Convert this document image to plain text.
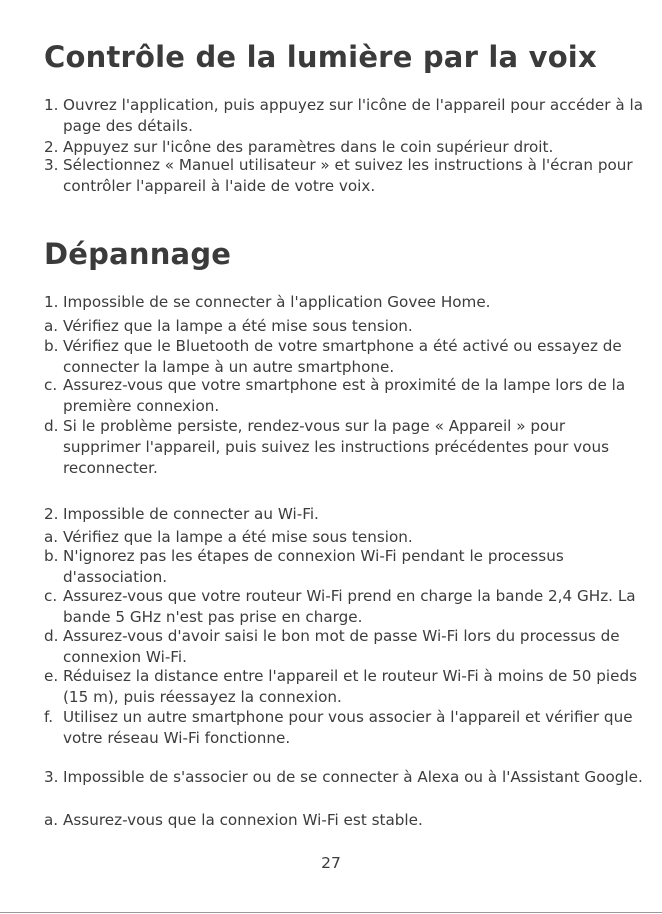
Contrôle de la lumière par la voix
1. Ouvrez l'application, puis appuyez sur l'icône de l'appareil pour accéder à la page des détails.
2. Appuyez sur l'icône des paramètres dans le coin supérieur droit.
3. Sélectionnez « Manuel utilisateur » et suivez les instructions à l'écran pour contrôler l'appareil à l'aide de votre voix.
Dépannage
1. Impossible de se connecter à l'application Govee Home.
a. Vérifiez que la lampe a été mise sous tension.
b. Vérifiez que le Bluetooth de votre smartphone a été activé ou essayez de connecter la lampe à un autre smartphone.
c. Assurez-vous que votre smartphone est à proximité de la lampe lors de la première connexion.
d. Si le problème persiste, rendez-vous sur la page « Appareil » pour supprimer l'appareil, puis suivez les instructions précédentes pour vous reconnecter.
2. Impossible de connecter au Wi-Fi.
a. Vérifiez que la lampe a été mise sous tension.
b. N'ignorez pas les étapes de connexion Wi-Fi pendant le processus d'association.
c. Assurez-vous que votre routeur Wi-Fi prend en charge la bande 2,4 GHz. La bande 5 GHz n'est pas prise en charge.
d. Assurez-vous d'avoir saisi le bon mot de passe Wi-Fi lors du processus de connexion Wi-Fi.
e. Réduisez la distance entre l'appareil et le routeur Wi-Fi à moins de 50 pieds (15 m), puis réessayez la connexion.
f. Utilisez un autre smartphone pour vous associer à l'appareil et vérifier que votre réseau Wi-Fi fonctionne.
3. Impossible de s'associer ou de se connecter à Alexa ou à l'Assistant Google.
a. Assurez-vous que la connexion Wi-Fi est stable.
27
